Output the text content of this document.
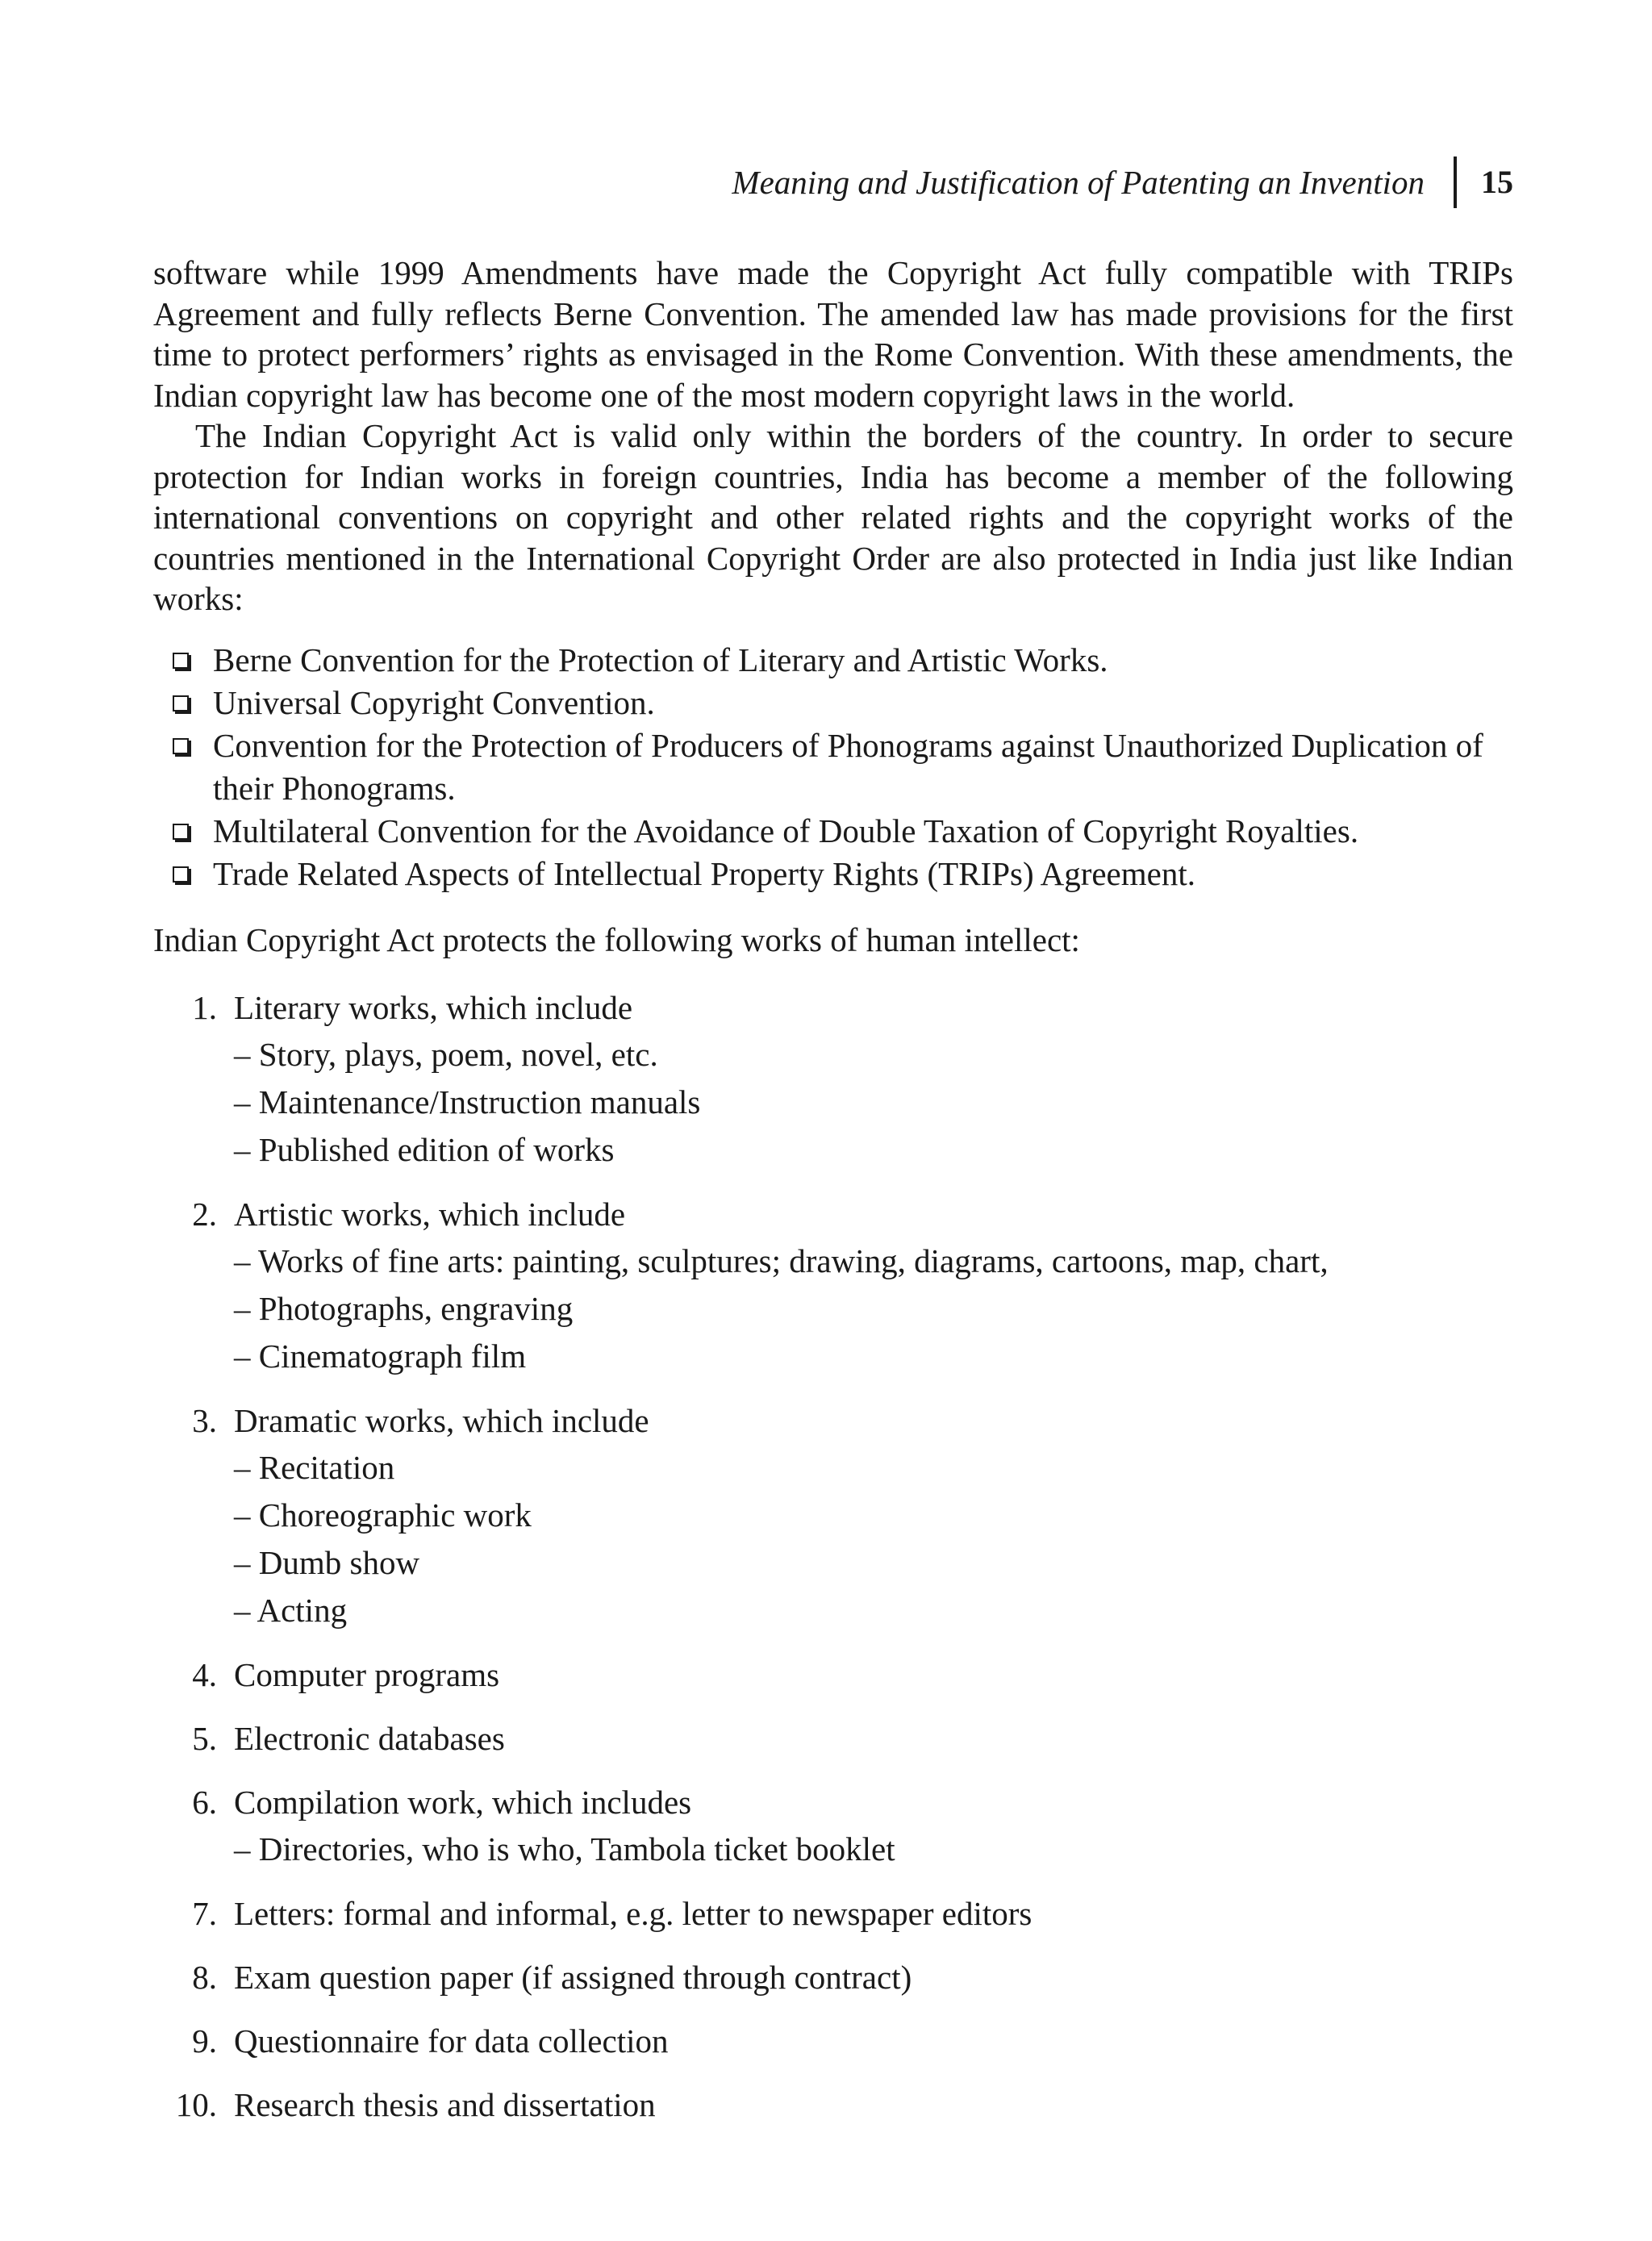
Meaning and Justification of Patenting an Invention 15

software while 1999 Amendments have made the Copyright Act fully compatible with TRIPs Agreement and fully reflects Berne Convention. The amended law has made provisions for the first time to protect performers’ rights as envisaged in the Rome Convention. With these amendments, the Indian copyright law has become one of the most modern copyright laws in the world.

The Indian Copyright Act is valid only within the borders of the country. In order to secure protection for Indian works in foreign countries, India has become a member of the following international conventions on copyright and other related rights and the copyright works of the countries mentioned in the International Copyright Order are also protected in India just like Indian works:

Berne Convention for the Protection of Literary and Artistic Works.
Universal Copyright Convention.
Convention for the Protection of Producers of Phonograms against Unauthorized Duplication of their Phonograms.
Multilateral Convention for the Avoidance of Double Taxation of Copyright Royalties.
Trade Related Aspects of Intellectual Property Rights (TRIPs) Agreement.

Indian Copyright Act protects the following works of human intellect:

1. Literary works, which include
– Story, plays, poem, novel, etc.
– Maintenance/Instruction manuals
– Published edition of works
2. Artistic works, which include
– Works of fine arts: painting, sculptures; drawing, diagrams, cartoons, map, chart,
– Photographs, engraving
– Cinematograph film
3. Dramatic works, which include
– Recitation
– Choreographic work
– Dumb show
– Acting
4. Computer programs
5. Electronic databases
6. Compilation work, which includes
– Directories, who is who, Tambola ticket booklet
7. Letters: formal and informal, e.g. letter to newspaper editors
8. Exam question paper (if assigned through contract)
9. Questionnaire for data collection
10. Research thesis and dissertation
